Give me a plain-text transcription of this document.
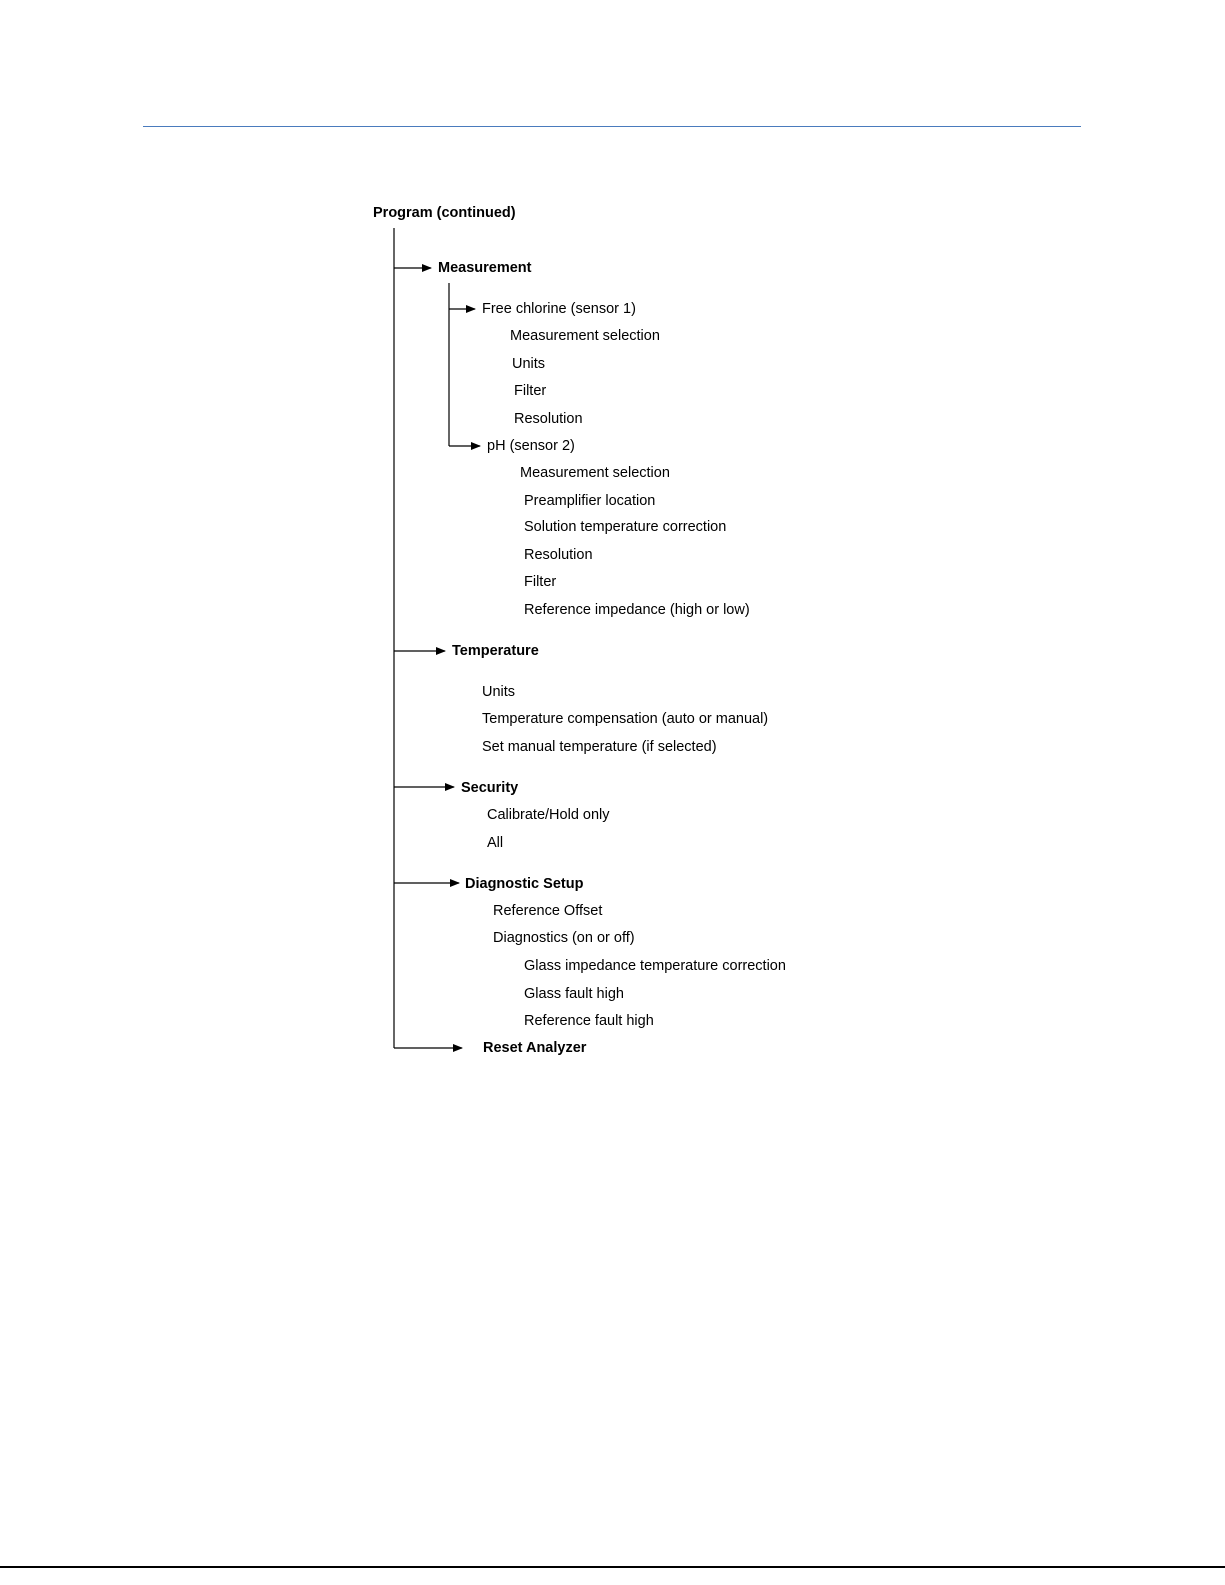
Program (continued)
Measurement
Free chlorine (sensor 1)
Measurement selection
Units
Filter
Resolution
pH (sensor 2)
Measurement selection
Preamplifier location
Solution temperature correction
Resolution
Filter
Reference impedance (high or low)
Temperature
Units
Temperature compensation (auto or manual)
Set manual temperature (if selected)
Security
Calibrate/Hold only
All
Diagnostic Setup
Reference Offset
Diagnostics (on or off)
Glass impedance temperature correction
Glass fault high
Reference fault high
Reset Analyzer
